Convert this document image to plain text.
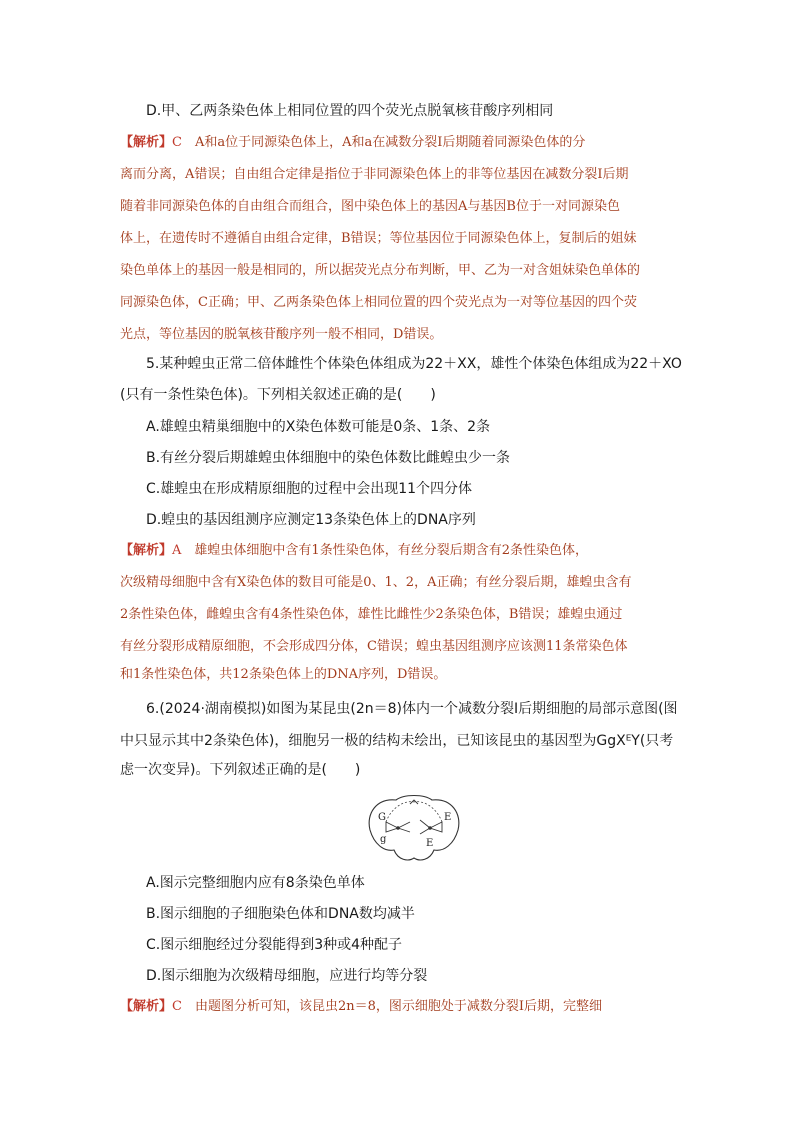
D.甲、乙两条染色体上相同位置的四个荧光点脱氧核苷酸序列相同
【解析】C　 A和a位于同源染色体上，A和a在减数分裂Ⅰ后期随着同源染色体的分
离而分离，A错误；自由组合定律是指位于非同源染色体上的非等位基因在减数分裂Ⅰ后期
随着非同源染色体的自由组合而组合，图中染色体上的基因A与基因B位于一对同源染色
体上，在遗传时不遵循自由组合定律，B错误；等位基因位于同源染色体上，复制后的姐妹
染色单体上的基因一般是相同的，所以据荧光点分布判断，甲、乙为一对含姐妹染色单体的
同源染色体，C正确；甲、乙两条染色体上相同位置的四个荧光点为一对等位基因的四个荧
光点，等位基因的脱氧核苷酸序列一般不相同，D错误。
5.某种蝗虫正常二倍体雌性个体染色体组成为22＋XX，雄性个体染色体组成为22＋XO
(只有一条性染色体)。下列相关叙述正确的是(　　)
A.雄蝗虫精巢细胞中的X染色体数可能是0条、1条、2条
B.有丝分裂后期雄蝗虫体细胞中的染色体数比雌蝗虫少一条
C.雄蝗虫在形成精原细胞的过程中会出现11个四分体
D.蝗虫的基因组测序应测定13条染色体上的DNA序列
【解析】A　 雄蝗虫体细胞中含有1条性染色体，有丝分裂后期含有2条性染色体，
次级精母细胞中含有X染色体的数目可能是0、1、2，A正确；有丝分裂后期，雄蝗虫含有
2条性染色体，雌蝗虫含有4条性染色体，雄性比雌性少2条染色体，B错误；雄蝗虫通过
有丝分裂形成精原细胞，不会形成四分体，C错误；蝗虫基因组测序应该测11条常染色体
和1条性染色体，共12条染色体上的DNA序列，D错误。
6.(2024·湖南模拟)如图为某昆虫(2n＝8)体内一个减数分裂Ⅰ后期细胞的局部示意图(图
中只显示其中2条染色体)，细胞另一极的结构未绘出，已知该昆虫的基因型为GgXᴱY(只考
虑一次变异)。下列叙述正确的是(　　)
G
g
E
E
A.图示完整细胞内应有8条染色单体
B.图示细胞的子细胞染色体和DNA数均减半
C.图示细胞经过分裂能得到3种或4种配子
D.图示细胞为次级精母细胞，应进行均等分裂
【解析】C　 由题图分析可知，该昆虫2n＝8，图示细胞处于减数分裂Ⅰ后期，完整细
